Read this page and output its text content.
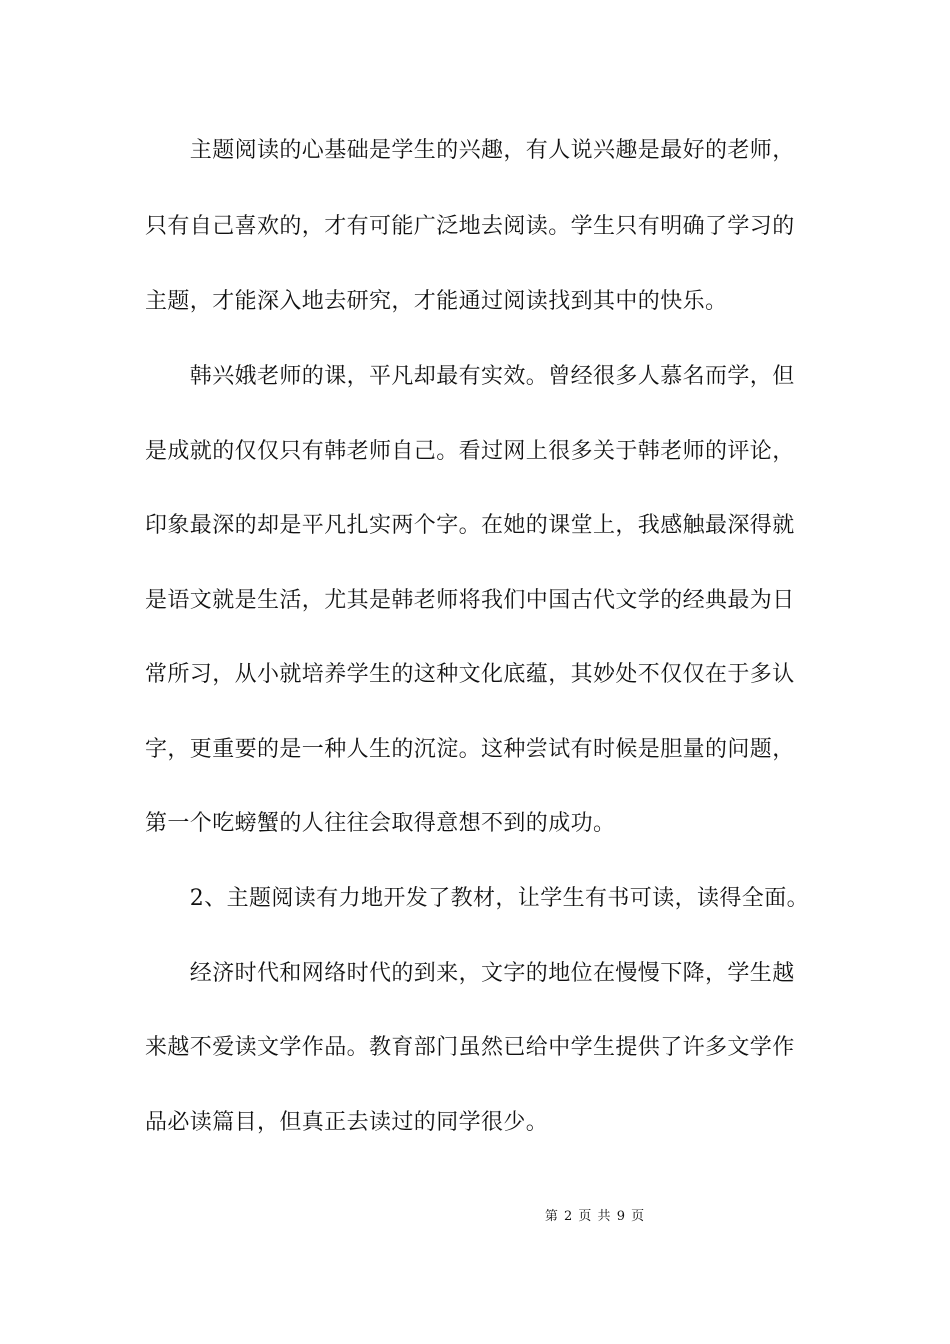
　　主题阅读的心基础是学生的兴趣，有人说兴趣是最好的老师，
只有自己喜欢的，才有可能广泛地去阅读。学生只有明确了学习的
主题，才能深入地去研究，才能通过阅读找到其中的快乐。
　　韩兴娥老师的课，平凡却最有实效。曾经很多人慕名而学，但
是成就的仅仅只有韩老师自己。看过网上很多关于韩老师的评论，
印象最深的却是平凡扎实两个字。在她的课堂上，我感触最深得就
是语文就是生活，尤其是韩老师将我们中国古代文学的经典最为日
常所习，从小就培养学生的这种文化底蕴，其妙处不仅仅在于多认
字，更重要的是一种人生的沉淀。这种尝试有时候是胆量的问题，
第一个吃螃蟹的人往往会取得意想不到的成功。
　　2、主题阅读有力地开发了教材，让学生有书可读，读得全面。
　　经济时代和网络时代的到来，文字的地位在慢慢下降，学生越
来越不爱读文学作品。教育部门虽然已给中学生提供了许多文学作
品必读篇目，但真正去读过的同学很少。
第 2 页 共 9 页
